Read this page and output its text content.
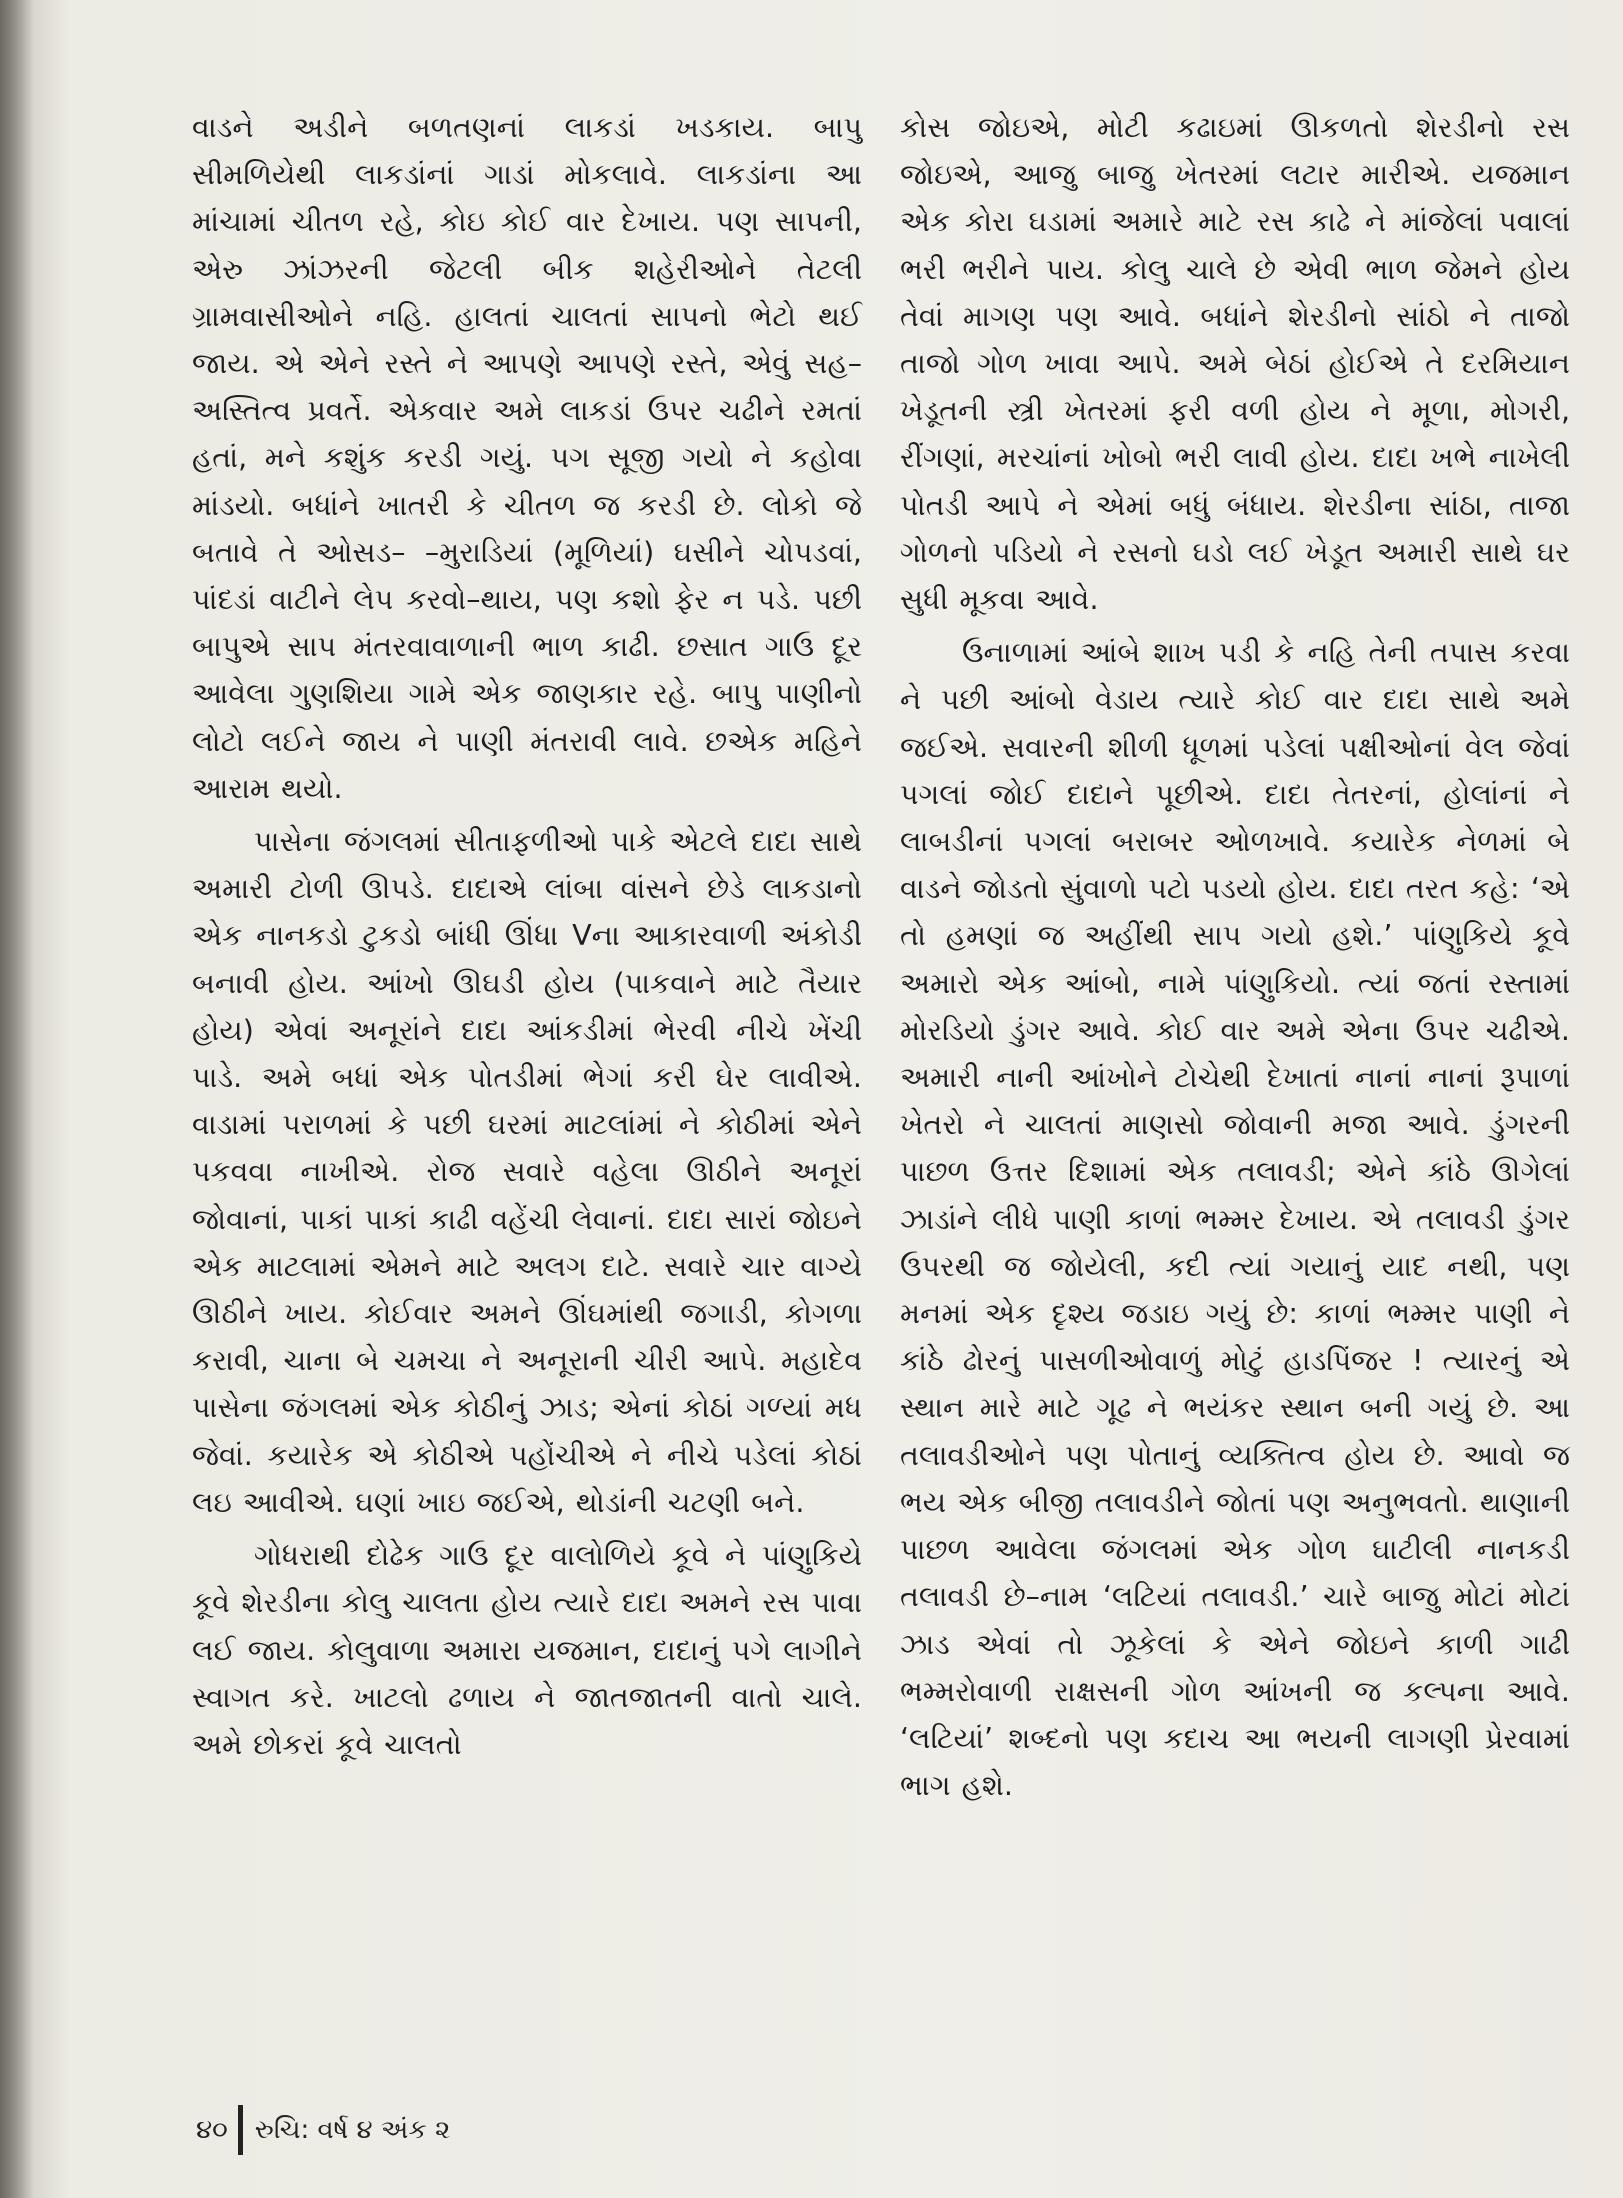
વાડને અડીને બળતણનાં લાકડાં ખડકાય. બાપુ સીમળિયેથી લાકડાંનાં ગાડાં મોકલાવે. લાકડાંના આ માંચામાં ચીતળ રહે, કોઇ કોઈ વાર દેખાય. પણ સાપની, એરુ ઝાંઝરની જેટલી બીક શહેરીઓને તેટલી ગ્રામવાસીઓને નહિ. હાલતાં ચાલતાં સાપનો ભેટો થઈ જાય. એ એને રસ્તે ને આપણે આપણે રસ્તે, એવું સહ–અસ્તિત્વ પ્રવર્તે. એકવાર અમે લાકડાં ઉપર ચઢીને રમતાં હતાં, મને કશુંક કરડી ગયું. પગ સૂજી ગયો ને કહોવા માંડયો. બધાંને ખાતરી કે ચીતળ જ કરડી છે. લોકો જે બતાવે તે ઓસડ– –મુરાડિયાં (મૂળિયાં) ઘસીને ચોપડવાં, પાંદડાં વાટીને લેપ કરવો–થાય, પણ કશો ફેર ન પડે. પછી બાપુએ સાપ મંતરવાવાળાની ભાળ કાઢી. છસાત ગાઉ દૂર આવેલા ગુણશિયા ગામે એક જાણકાર રહે. બાપુ પાણીનો લોટો લઈને જાય ને પાણી મંતરાવી લાવે. છએક મહિને આરામ થયો.

પાસેના જંગલમાં સીતાફળીઓ પાકે એટલે દાદા સાથે અમારી ટોળી ઊપડે. દાદાએ લાંબા વાંસને છેડે લાકડાનો એક નાનકડો ટુકડો બાંધી ઊંધા Vના આકારવાળી અંકોડી બનાવી હોય. આંખો ઊઘડી હોય (પાકવાને માટે તૈયાર હોય) એવાં અનૂરાંને દાદા આંકડીમાં ભેરવી નીચે ખેંચી પાડે. અમે બધાં એક પોતડીમાં ભેગાં કરી ઘેર લાવીએ. વાડામાં પરાળમાં કે પછી ઘરમાં માટલાંમાં ને કોઠીમાં એને પકવવા નાખીએ. રોજ સવારે વહેલા ઊઠીને અનૂરાં જોવાનાં, પાકાં પાકાં કાઢી વહેંચી લેવાનાં. દાદા સારાં જોઇને એક માટલામાં એમને માટે અલગ દાટે. સવારે ચાર વાગ્યે ઊઠીને ખાય. કોઈવાર અમને ઊંઘમાંથી જગાડી, કોગળા કરાવી, ચાના બે ચમચા ને અનૂરાની ચીરી આપે. મહાદેવ પાસેના જંગલમાં એક કોઠીનું ઝાડ; એનાં કોઠાં ગળ્યાં મધ જેવાં. કયારેક એ કોઠીએ પહોંચીએ ને નીચે પડેલાં કોઠાં લઇ આવીએ. ઘણાં ખાઇ જઈએ, થોડાંની ચટણી બને.

ગોધરાથી દોઢેક ગાઉ દૂર વાલોળિયે કૂવે ને પાંણુકિયે કૂવે શેરડીના કોલુ ચાલતા હોય ત્યારે દાદા અમને રસ પાવા લઈ જાય. કોલુવાળા અમારા યજમાન, દાદાનું પગે લાગીને સ્વાગત કરે. ખાટલો ઢળાય ને જાતજાતની વાતો ચાલે. અમે છોકરાં કૂવે ચાલતો

કોસ જોઇએ, મોટી કઢાઇમાં ઊકળતો શેરડીનો રસ જોઇએ, આજુ બાજુ ખેતરમાં લટાર મારીએ. યજમાન એક કોરા ઘડામાં અમારે માટે રસ કાઢે ને માંજેલાં પવાલાં ભરી ભરીને પાય. કોલુ ચાલે છે એવી ભાળ જેમને હોય તેવાં માગણ પણ આવે. બધાંને શેરડીનો સાંઠો ને તાજો તાજો ગોળ ખાવા આપે. અમે બેઠાં હોઈએ તે દરમિયાન ખેડૂતની સ્ત્રી ખેતરમાં ફરી વળી હોય ને મૂળા, મોગરી, રીંગણાં, મરચાંનાં ખોબો ભરી લાવી હોય. દાદા ખભે નાખેલી પોતડી આપે ને એમાં બધું બંધાય. શેરડીના સાંઠા, તાજા ગોળનો પડિયો ને રસનો ઘડો લઈ ખેડૂત અમારી સાથે ઘર સુધી મૂકવા આવે.

ઉનાળામાં આંબે શાખ પડી કે નહિ તેની તપાસ કરવા ને પછી આંબો વેડાય ત્યારે કોઈ વાર દાદા સાથે અમે જઈએ. સવારની શીળી ધૂળમાં પડેલાં પક્ષીઓનાં વેલ જેવાં પગલાં જોઈ દાદાને પૂછીએ. દાદા તેતરનાં, હોલાંનાં ને લાબડીનાં પગલાં બરાબર ઓળખાવે. કયારેક નેળમાં બે વાડને જોડતો સુંવાળો પટો પડયો હોય. દાદા તરત કહે: ‘એ તો હમણાં જ અહીંથી સાપ ગયો હશે.’ પાંણુકિયે કૂવે અમારો એક આંબો, નામે પાંણુકિયો. ત્યાં જતાં રસ્તામાં મોરડિયો ડુંગર આવે. કોઈ વાર અમે એના ઉપર ચઢીએ. અમારી નાની આંખોને ટોચેથી દેખાતાં નાનાં નાનાં રૂપાળાં ખેતરો ને ચાલતાં માણસો જોવાની મજા આવે. ડુંગરની પાછળ ઉત્તર દિશામાં એક તલાવડી; એને કાંઠે ઊગેલાં ઝાડાંને લીધે પાણી કાળાં ભમ્મર દેખાય. એ તલાવડી ડુંગર ઉપરથી જ જોયેલી, કદી ત્યાં ગયાનું યાદ નથી, પણ મનમાં એક દૃશ્ય જડાઇ ગયું છે: કાળાં ભમ્મર પાણી ને કાંઠે ઢોરનું પાસળીઓવાળું મોટું હાડપિંજર ! ત્યારનું એ સ્થાન મારે માટે ગૂઢ ને ભયંકર સ્થાન બની ગયું છે. આ તલાવડીઓને પણ પોતાનું વ્યક્તિત્વ હોય છે. આવો જ ભય એક બીજી તલાવડીને જોતાં પણ અનુભવતો. થાણાની પાછળ આવેલા જંગલમાં એક ગોળ ઘાટીલી નાનકડી તલાવડી છે–નામ ‘લટિયાં તલાવડી.’ ચારે બાજુ મોટાં મોટાં ઝાડ એવાં તો ઝૂકેલાં કે એને જોઇને કાળી ગાઢી ભમ્મરોવાળી રાક્ષસની ગોળ આંખની જ કલ્પના આવે. ‘લટિયાં’ શબ્દનો પણ કદાચ આ ભયની લાગણી પ્રેરવામાં ભાગ હશે.

૪૦ રુચિ: વર્ષ ૪ અંક ૨
